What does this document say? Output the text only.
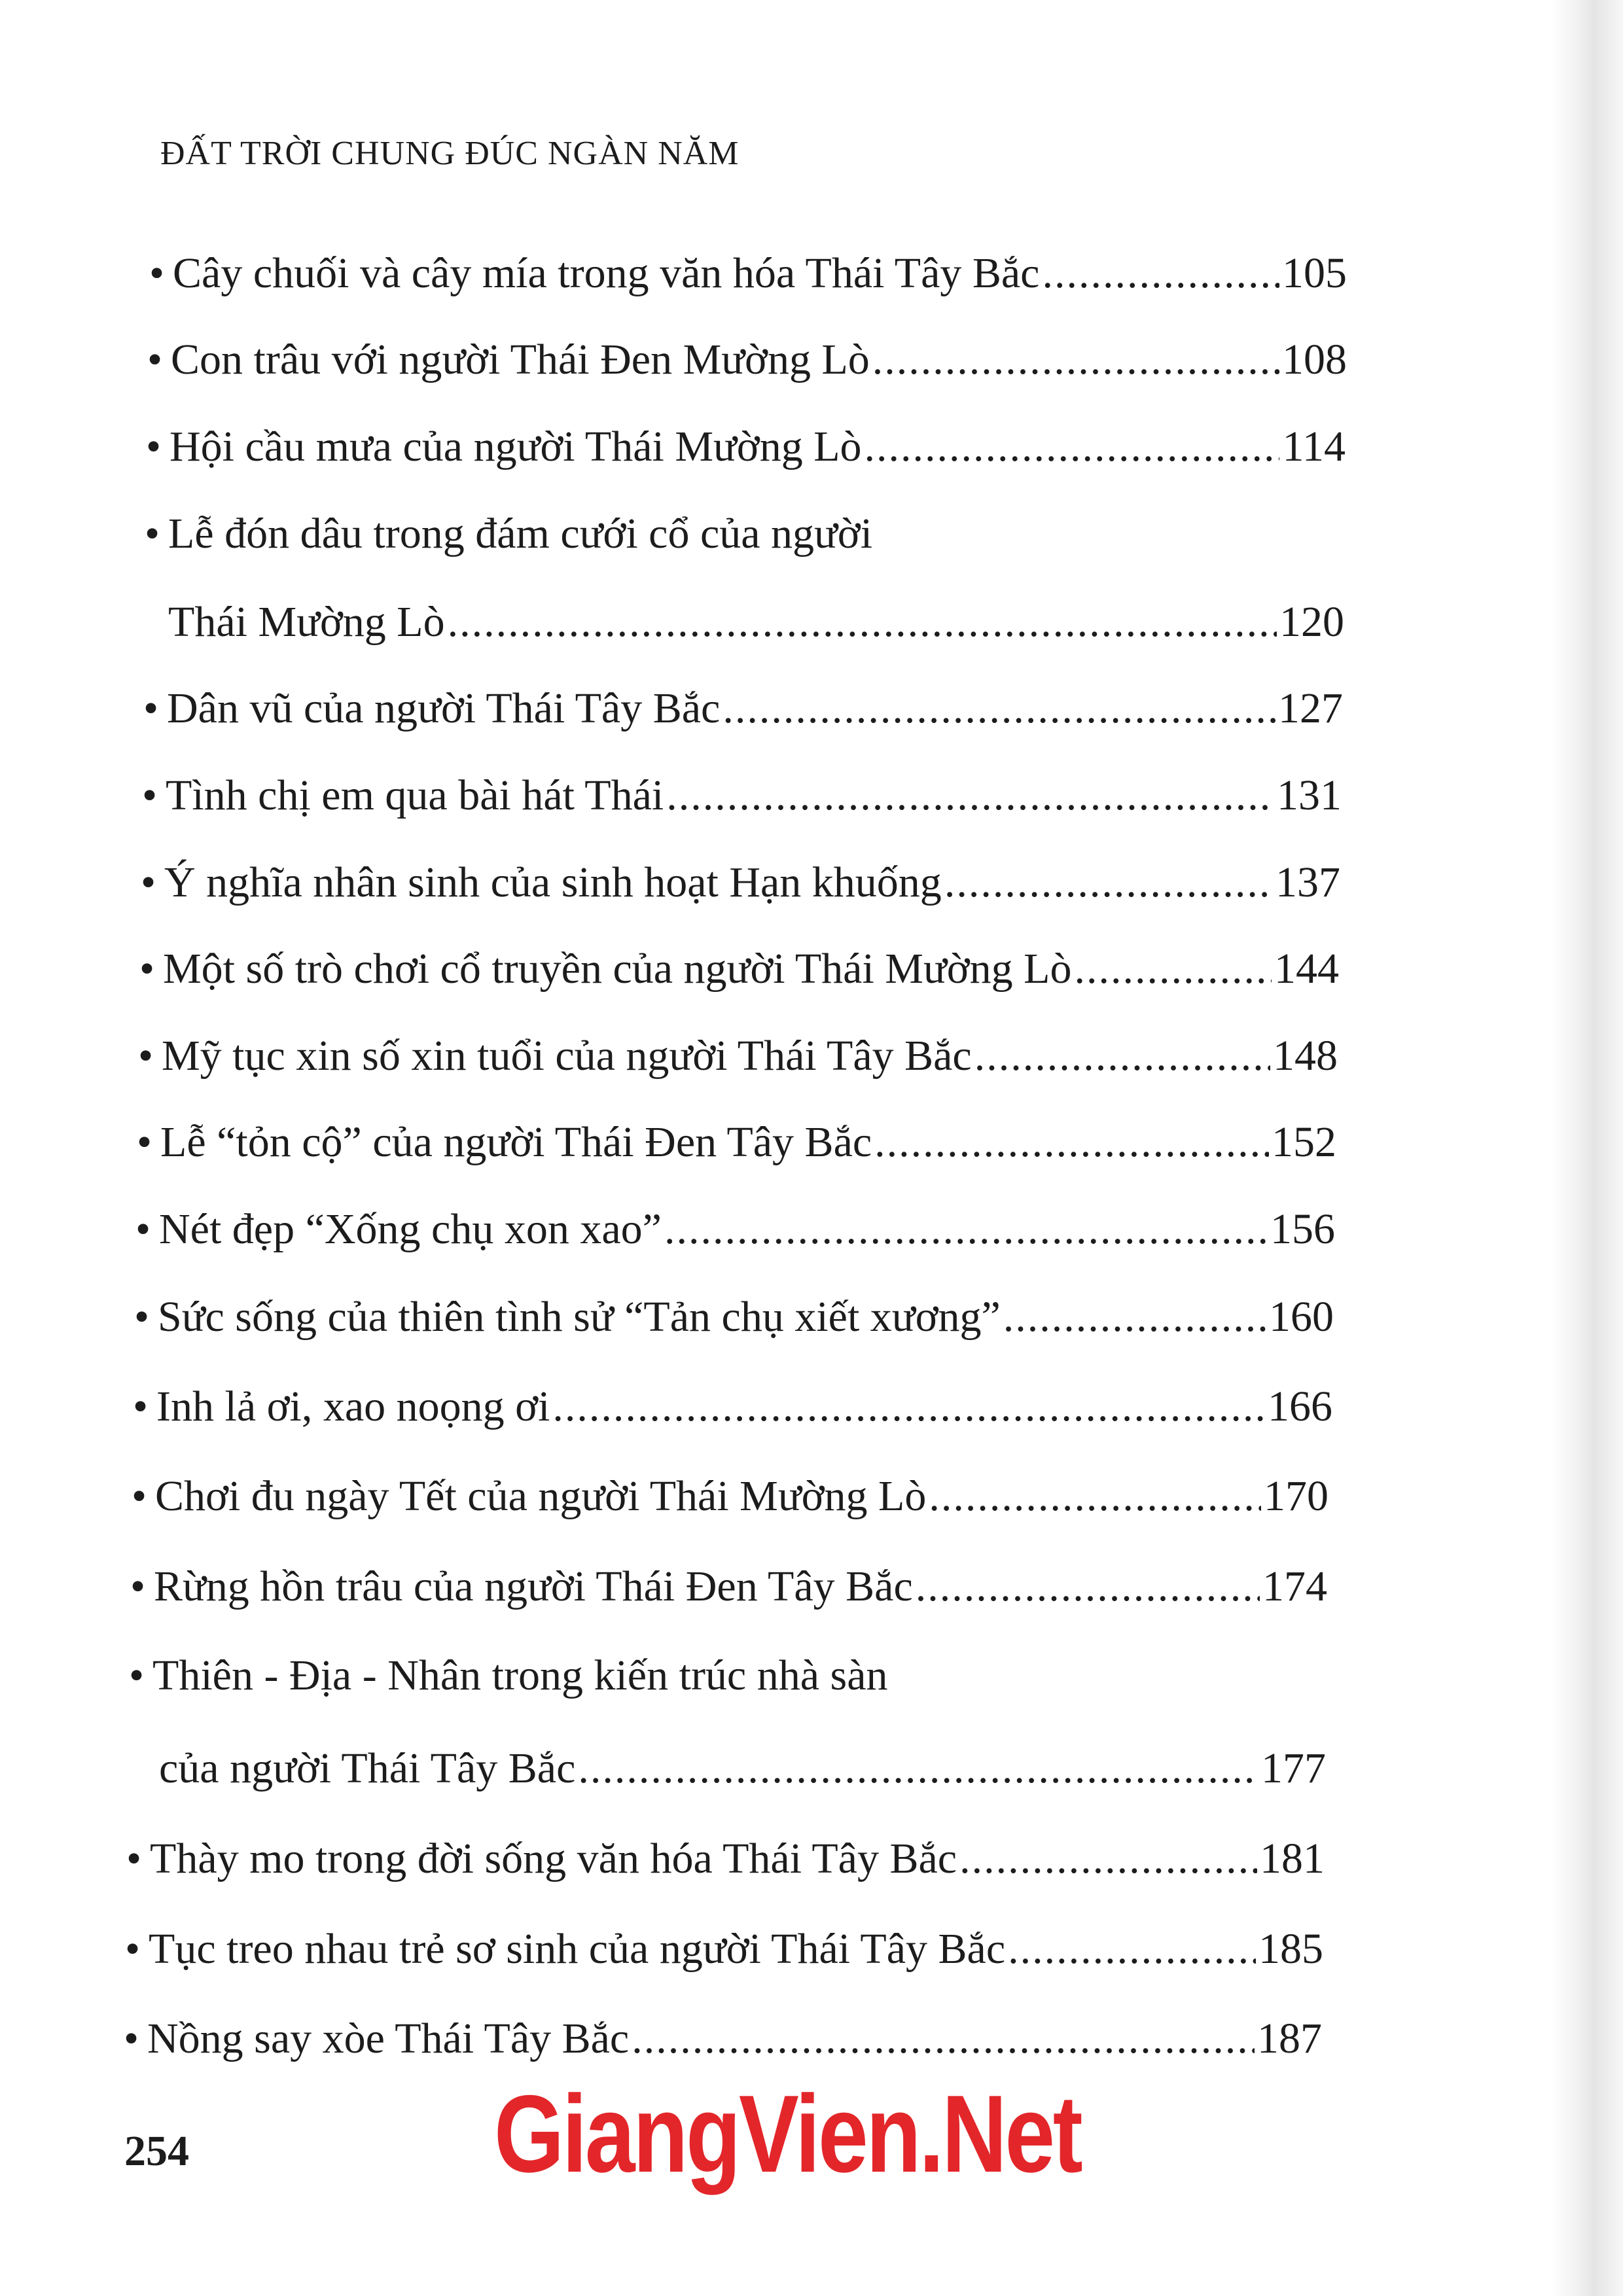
ĐẤT TRỜI CHUNG ĐÚC NGÀN NĂM
• Cây chuối và cây mía trong văn hóa Thái Tây Bắc .....	105
• Con trâu với người Thái Đen Mường Lò .....	108
• Hội cầu mưa của người Thái Mường Lò .....	114
• Lễ đón dâu trong đám cưới cổ của người
Thái Mường Lò .....	120
• Dân vũ của người Thái Tây Bắc .....	127
• Tình chị em qua bài hát Thái .....	131
• Ý nghĩa nhân sinh của sinh hoạt Hạn khuống .....	137
• Một số trò chơi cổ truyền của người Thái Mường Lò .....	144
• Mỹ tục xin số xin tuổi của người Thái Tây Bắc .....	148
• Lễ “tỏn cộ” của người Thái Đen Tây Bắc .....	152
• Nét đẹp “Xống chụ xon xao” .....	156
• Sức sống của thiên tình sử “Tản chụ xiết xương” .....	160
• Inh lả ơi, xao noọng ơi .....	166
• Chơi đu ngày Tết của người Thái Mường Lò .....	170
• Rừng hồn trâu của người Thái Đen Tây Bắc .....	174
• Thiên - Địa - Nhân trong kiến trúc nhà sàn
của người Thái Tây Bắc .....	177
• Thày mo trong đời sống văn hóa Thái Tây Bắc .....	181
• Tục treo nhau trẻ sơ sinh của người Thái Tây Bắc .....	185
• Nồng say xòe Thái Tây Bắc .....	187
254	GiangVien.Net
